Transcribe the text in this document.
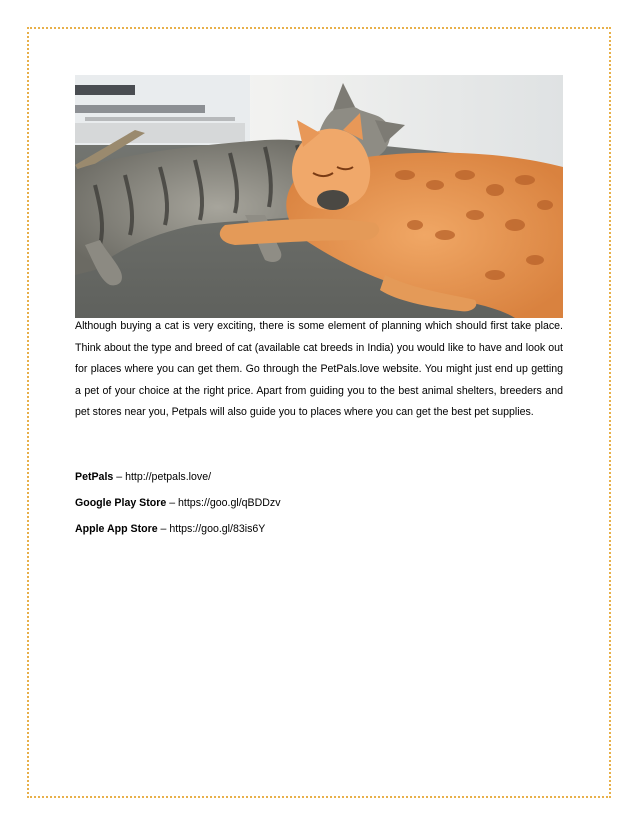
Although buying a cat is very exciting, there is some element of planning which should first take place. Think about the type and breed of cat (available cat breeds in India) you would like to have and look out for places where you can get them. Go through the PetPals.love website. You might just end up getting a pet of your choice at the right price. Apart from guiding you to the best animal shelters, breeders and pet stores near you, Petpals will also guide you to places where you can get the best pet supplies.

PetPals – http://petpals.love/

Google Play Store – https://goo.gl/qBDDzv

Apple App Store – https://goo.gl/83is6Y
